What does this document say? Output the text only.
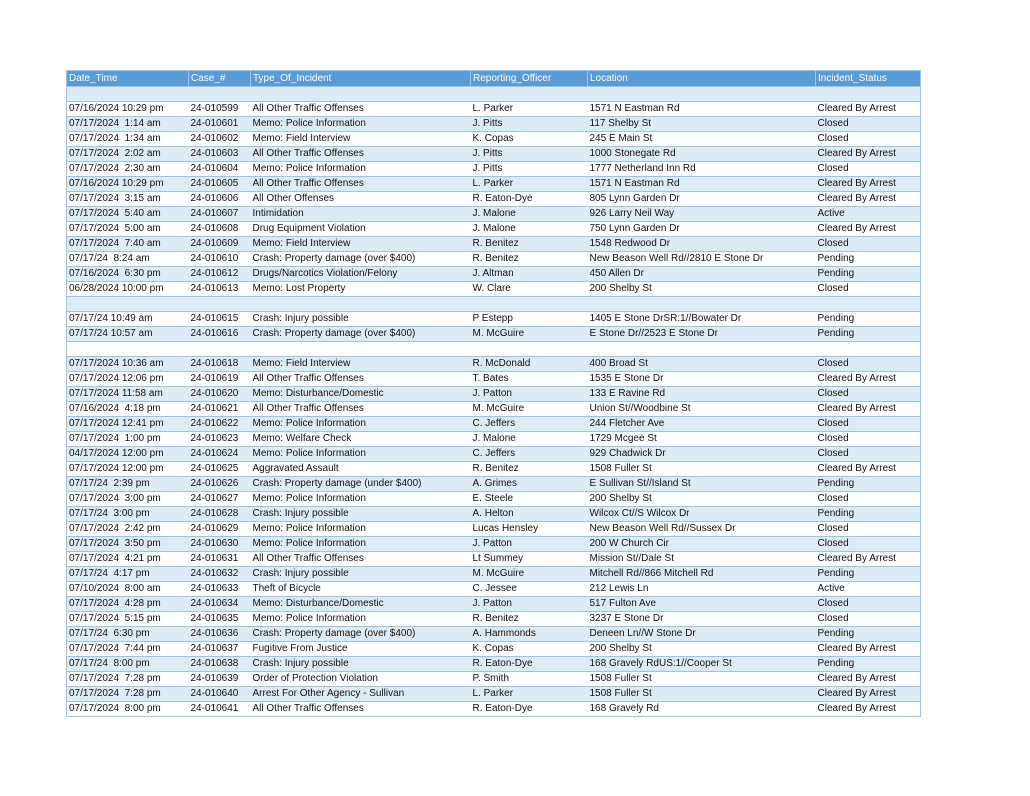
Date_Time	Case_#	Type_Of_Incident	Reporting_Officer	Location	Incident_Status

07/16/2024 10:29 pm	24-010599	All Other Traffic Offenses	L. Parker	1571 N Eastman Rd	Cleared By Arrest
07/17/2024  1:14 am	24-010601	Memo: Police Information	J. Pitts	117 Shelby St	Closed
07/17/2024  1:34 am	24-010602	Memo: Field Interview	K. Copas	245 E Main St	Closed
07/17/2024  2:02 am	24-010603	All Other Traffic Offenses	J. Pitts	1000 Stonegate Rd	Cleared By Arrest
07/17/2024  2:30 am	24-010604	Memo: Police Information	J. Pitts	1777 Netherland Inn Rd	Closed
07/16/2024 10:29 pm	24-010605	All Other Traffic Offenses	L. Parker	1571 N Eastman Rd	Cleared By Arrest
07/17/2024  3:15 am	24-010606	All Other Offenses	R. Eaton-Dye	805 Lynn Garden Dr	Cleared By Arrest
07/17/2024  5:40 am	24-010607	Intimidation	J. Malone	926 Larry Neil Way	Active
07/17/2024  5:00 am	24-010608	Drug Equipment Violation	J. Malone	750 Lynn Garden Dr	Cleared By Arrest
07/17/2024  7:40 am	24-010609	Memo: Field Interview	R. Benitez	1548 Redwood Dr	Closed
07/17/24  8:24 am	24-010610	Crash: Property damage (over $400)	R. Benitez	New Beason Well Rd//2810 E Stone Dr	Pending
07/16/2024  6:30 pm	24-010612	Drugs/Narcotics Violation/Felony	J. Altman	450 Allen Dr	Pending
06/28/2024 10:00 pm	24-010613	Memo: Lost Property	W. Clare	200 Shelby St	Closed

07/17/24 10:49 am	24-010615	Crash: Injury possible	P Estepp	1405 E Stone DrSR:1//Bowater Dr	Pending
07/17/24 10:57 am	24-010616	Crash: Property damage (over $400)	M. McGuire	E Stone Dr//2523 E Stone Dr	Pending

07/17/2024 10:36 am	24-010618	Memo: Field Interview	R. McDonald	400 Broad St	Closed
07/17/2024 12:06 pm	24-010619	All Other Traffic Offenses	T. Bates	1535 E Stone Dr	Cleared By Arrest
07/17/2024 11:58 am	24-010620	Memo: Disturbance/Domestic	J. Patton	133 E Ravine Rd	Closed
07/16/2024  4:18 pm	24-010621	All Other Traffic Offenses	M. McGuire	Union St//Woodbine St	Cleared By Arrest
07/17/2024 12:41 pm	24-010622	Memo: Police Information	C. Jeffers	244 Fletcher Ave	Closed
07/17/2024  1:00 pm	24-010623	Memo: Welfare Check	J. Malone	1729 Mcgee St	Closed
04/17/2024 12:00 pm	24-010624	Memo: Police Information	C. Jeffers	929 Chadwick Dr	Closed
07/17/2024 12:00 pm	24-010625	Aggravated Assault	R. Benitez	1508 Fuller St	Cleared By Arrest
07/17/24  2:39 pm	24-010626	Crash: Property damage (under $400)	A. Grimes	E Sullivan St//Island St	Pending
07/17/2024  3:00 pm	24-010627	Memo: Police Information	E. Steele	200 Shelby St	Closed
07/17/24  3:00 pm	24-010628	Crash: Injury possible	A. Helton	Wilcox Ct//S Wilcox Dr	Pending
07/17/2024  2:42 pm	24-010629	Memo: Police Information	Lucas Hensley	New Beason Well Rd//Sussex Dr	Closed
07/17/2024  3:50 pm	24-010630	Memo: Police Information	J. Patton	200 W Church Cir	Closed
07/17/2024  4:21 pm	24-010631	All Other Traffic Offenses	Lt Summey	Mission St//Dale St	Cleared By Arrest
07/17/24  4:17 pm	24-010632	Crash: Injury possible	M. McGuire	Mitchell Rd//866 Mitchell Rd	Pending
07/10/2024  8:00 am	24-010633	Theft of Bicycle	C. Jessee	212 Lewis Ln	Active
07/17/2024  4:28 pm	24-010634	Memo: Disturbance/Domestic	J. Patton	517 Fulton Ave	Closed
07/17/2024  5:15 pm	24-010635	Memo: Police Information	R. Benitez	3237 E Stone Dr	Closed
07/17/24  6:30 pm	24-010636	Crash: Property damage (over $400)	A. Hammonds	Deneen Ln//W Stone Dr	Pending
07/17/2024  7:44 pm	24-010637	Fugitive From Justice	K. Copas	200 Shelby St	Cleared By Arrest
07/17/24  8:00 pm	24-010638	Crash: Injury possible	R. Eaton-Dye	168 Gravely RdUS:1//Cooper St	Pending
07/17/2024  7:28 pm	24-010639	Order of Protection Violation	P. Smith	1508 Fuller St	Cleared By Arrest
07/17/2024  7:28 pm	24-010640	Arrest For Other Agency - Sullivan	L. Parker	1508 Fuller St	Cleared By Arrest
07/17/2024  8:00 pm	24-010641	All Other Traffic Offenses	R. Eaton-Dye	168 Gravely Rd	Cleared By Arrest
